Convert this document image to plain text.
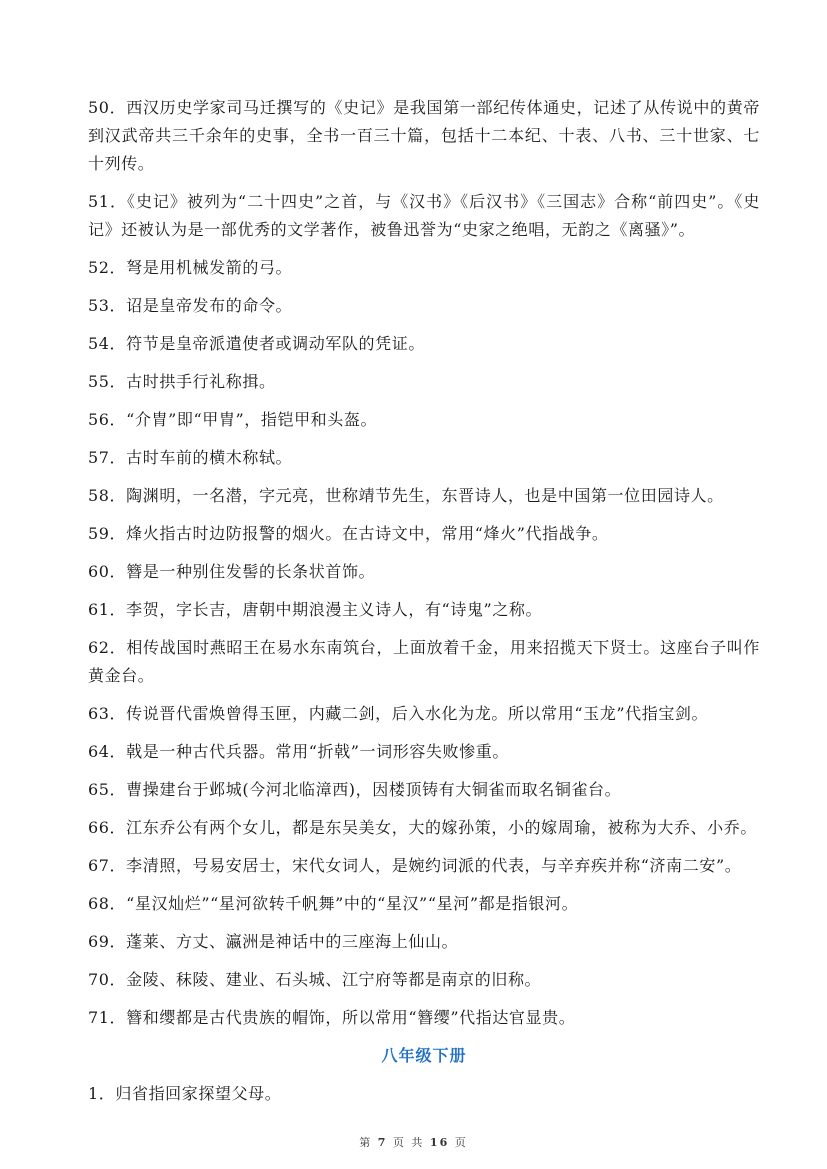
50．西汉历史学家司马迁撰写的《史记》是我国第一部纪传体通史，记述了从传说中的黄帝到汉武帝共三千余年的史事，全书一百三十篇，包括十二本纪、十表、八书、三十世家、七十列传。

51．《史记》被列为“二十四史”之首，与《汉书》《后汉书》《三国志》合称“前四史”。《史记》还被认为是一部优秀的文学著作，被鲁迅誉为“史家之绝唱，无韵之《离骚》”。

52．弩是用机械发箭的弓。

53．诏是皇帝发布的命令。

54．符节是皇帝派遣使者或调动军队的凭证。

55．古时拱手行礼称揖。

56．“介胄”即“甲胄”，指铠甲和头盔。

57．古时车前的横木称轼。

58．陶渊明，一名潜，字元亮，世称靖节先生，东晋诗人，也是中国第一位田园诗人。

59．烽火指古时边防报警的烟火。在古诗文中，常用“烽火”代指战争。

60．簪是一种别住发髻的长条状首饰。

61．李贺，字长吉，唐朝中期浪漫主义诗人，有“诗鬼”之称。

62．相传战国时燕昭王在易水东南筑台，上面放着千金，用来招揽天下贤士。这座台子叫作黄金台。

63．传说晋代雷焕曾得玉匣，内藏二剑，后入水化为龙。所以常用“玉龙”代指宝剑。

64．戟是一种古代兵器。常用“折戟”一词形容失败惨重。

65．曹操建台于邺城(今河北临漳西)，因楼顶铸有大铜雀而取名铜雀台。

66．江东乔公有两个女儿，都是东吴美女，大的嫁孙策，小的嫁周瑜，被称为大乔、小乔。

67．李清照，号易安居士，宋代女词人，是婉约词派的代表，与辛弃疾并称“济南二安”。

68．“星汉灿烂”“星河欲转千帆舞”中的“星汉”“星河”都是指银河。

69．蓬莱、方丈、瀛洲是神话中的三座海上仙山。

70．金陵、秣陵、建业、石头城、江宁府等都是南京的旧称。

71．簪和缨都是古代贵族的帽饰，所以常用“簪缨”代指达官显贵。

八年级下册

1．归省指回家探望父母。

第 7 页 共 16 页
